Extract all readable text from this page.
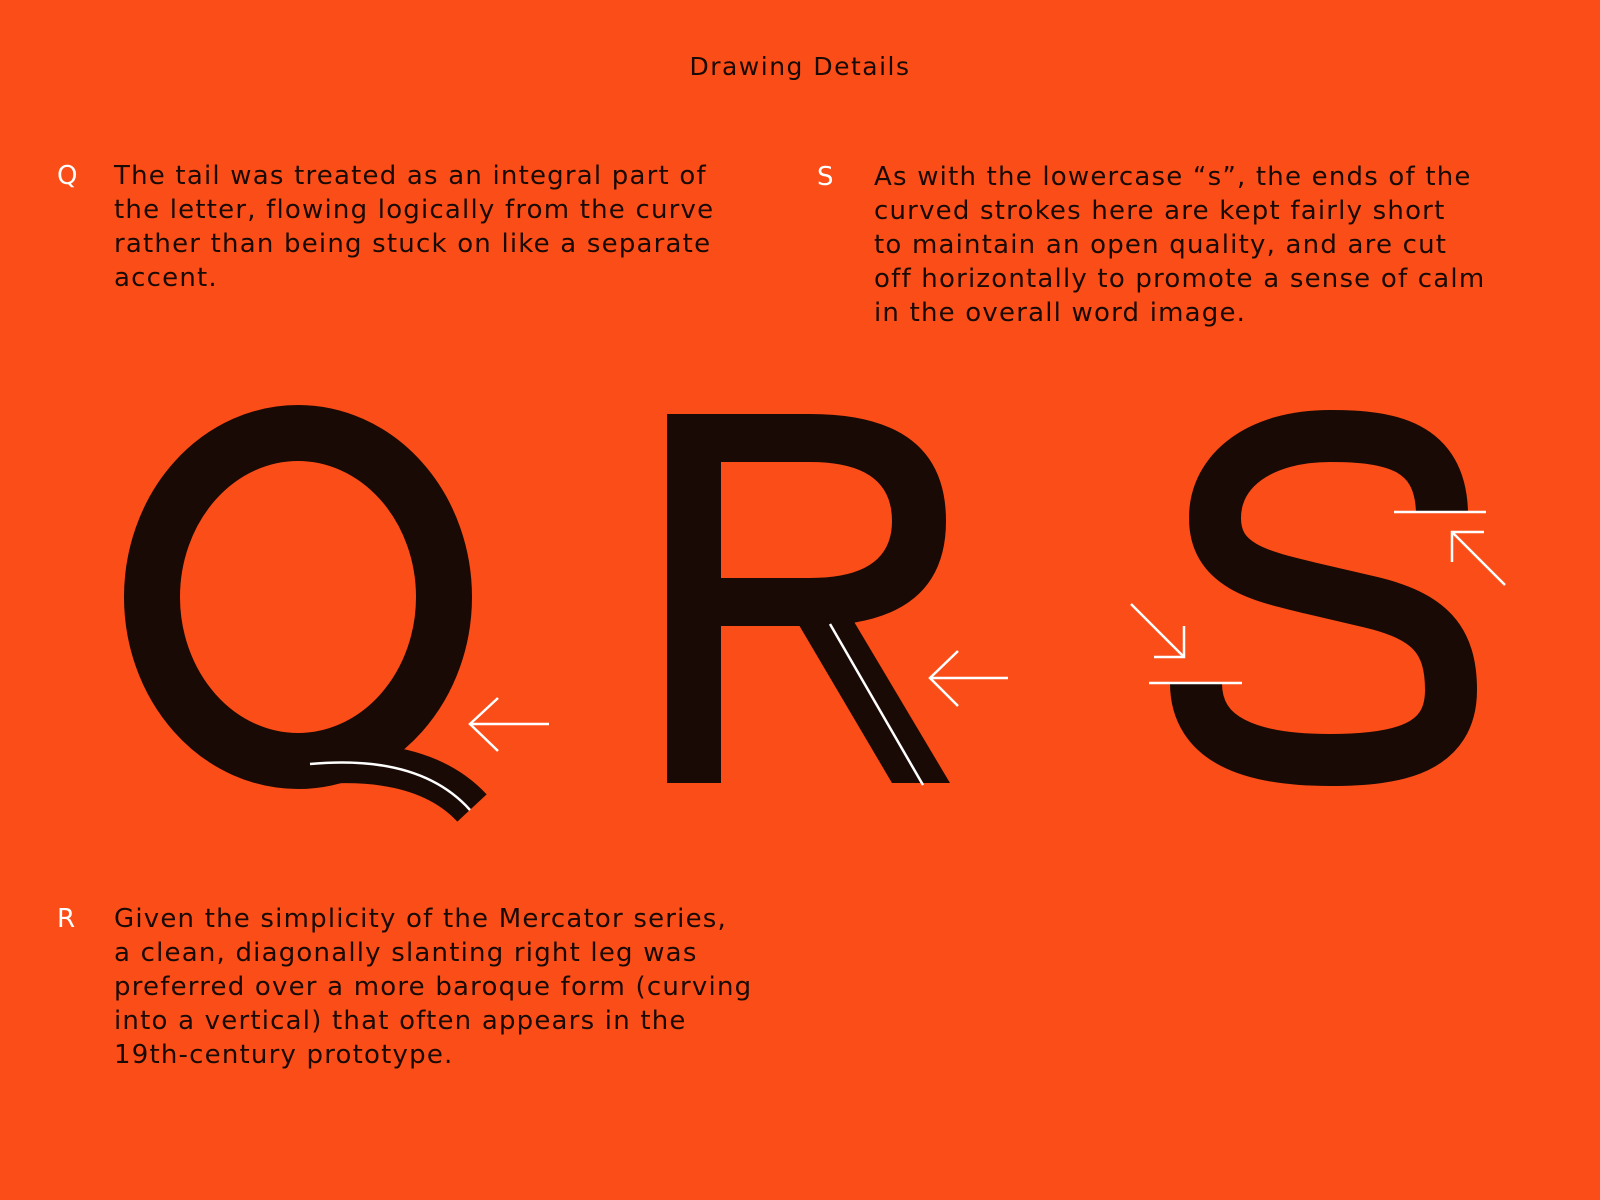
Drawing Details
Q The tail was treated as an integral part of
the letter, flowing logically from the curve
rather than being stuck on like a separate
accent.
S As with the lowercase “s”, the ends of the
curved strokes here are kept fairly short
to maintain an open quality, and are cut
off horizontally to promote a sense of calm
in the overall word image.
R Given the simplicity of the Mercator series,
a clean, diagonally slanting right leg was
preferred over a more baroque form (curving
into a vertical) that often appears in the
19th-century prototype.
